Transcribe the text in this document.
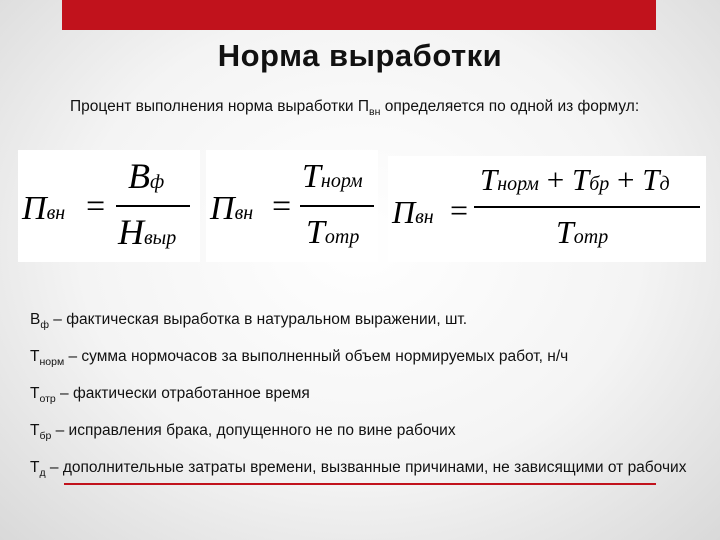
Норма выработки
Процент выполнения норма выработки $П_{вн}$ определяется по одной из формул:
Пвн =
Вф
Нвыр
Пвн =
Тнорм
Тотр
Пвн =
Тнорм + Тбр + Тд
Тотр
$В_ф$ – фактическая выработка в натуральном выражении, шт.
$Т_{норм}$ – сумма нормочасов за выполненный объем нормируемых работ, н/ч
$Т_{отр}$ – фактически отработанное время
$Т_{бр}$ – исправления брака, допущенного не по вине рабочих
$Т_д$ – дополнительные затраты времени, вызванные причинами, не зависящими от рабочих
